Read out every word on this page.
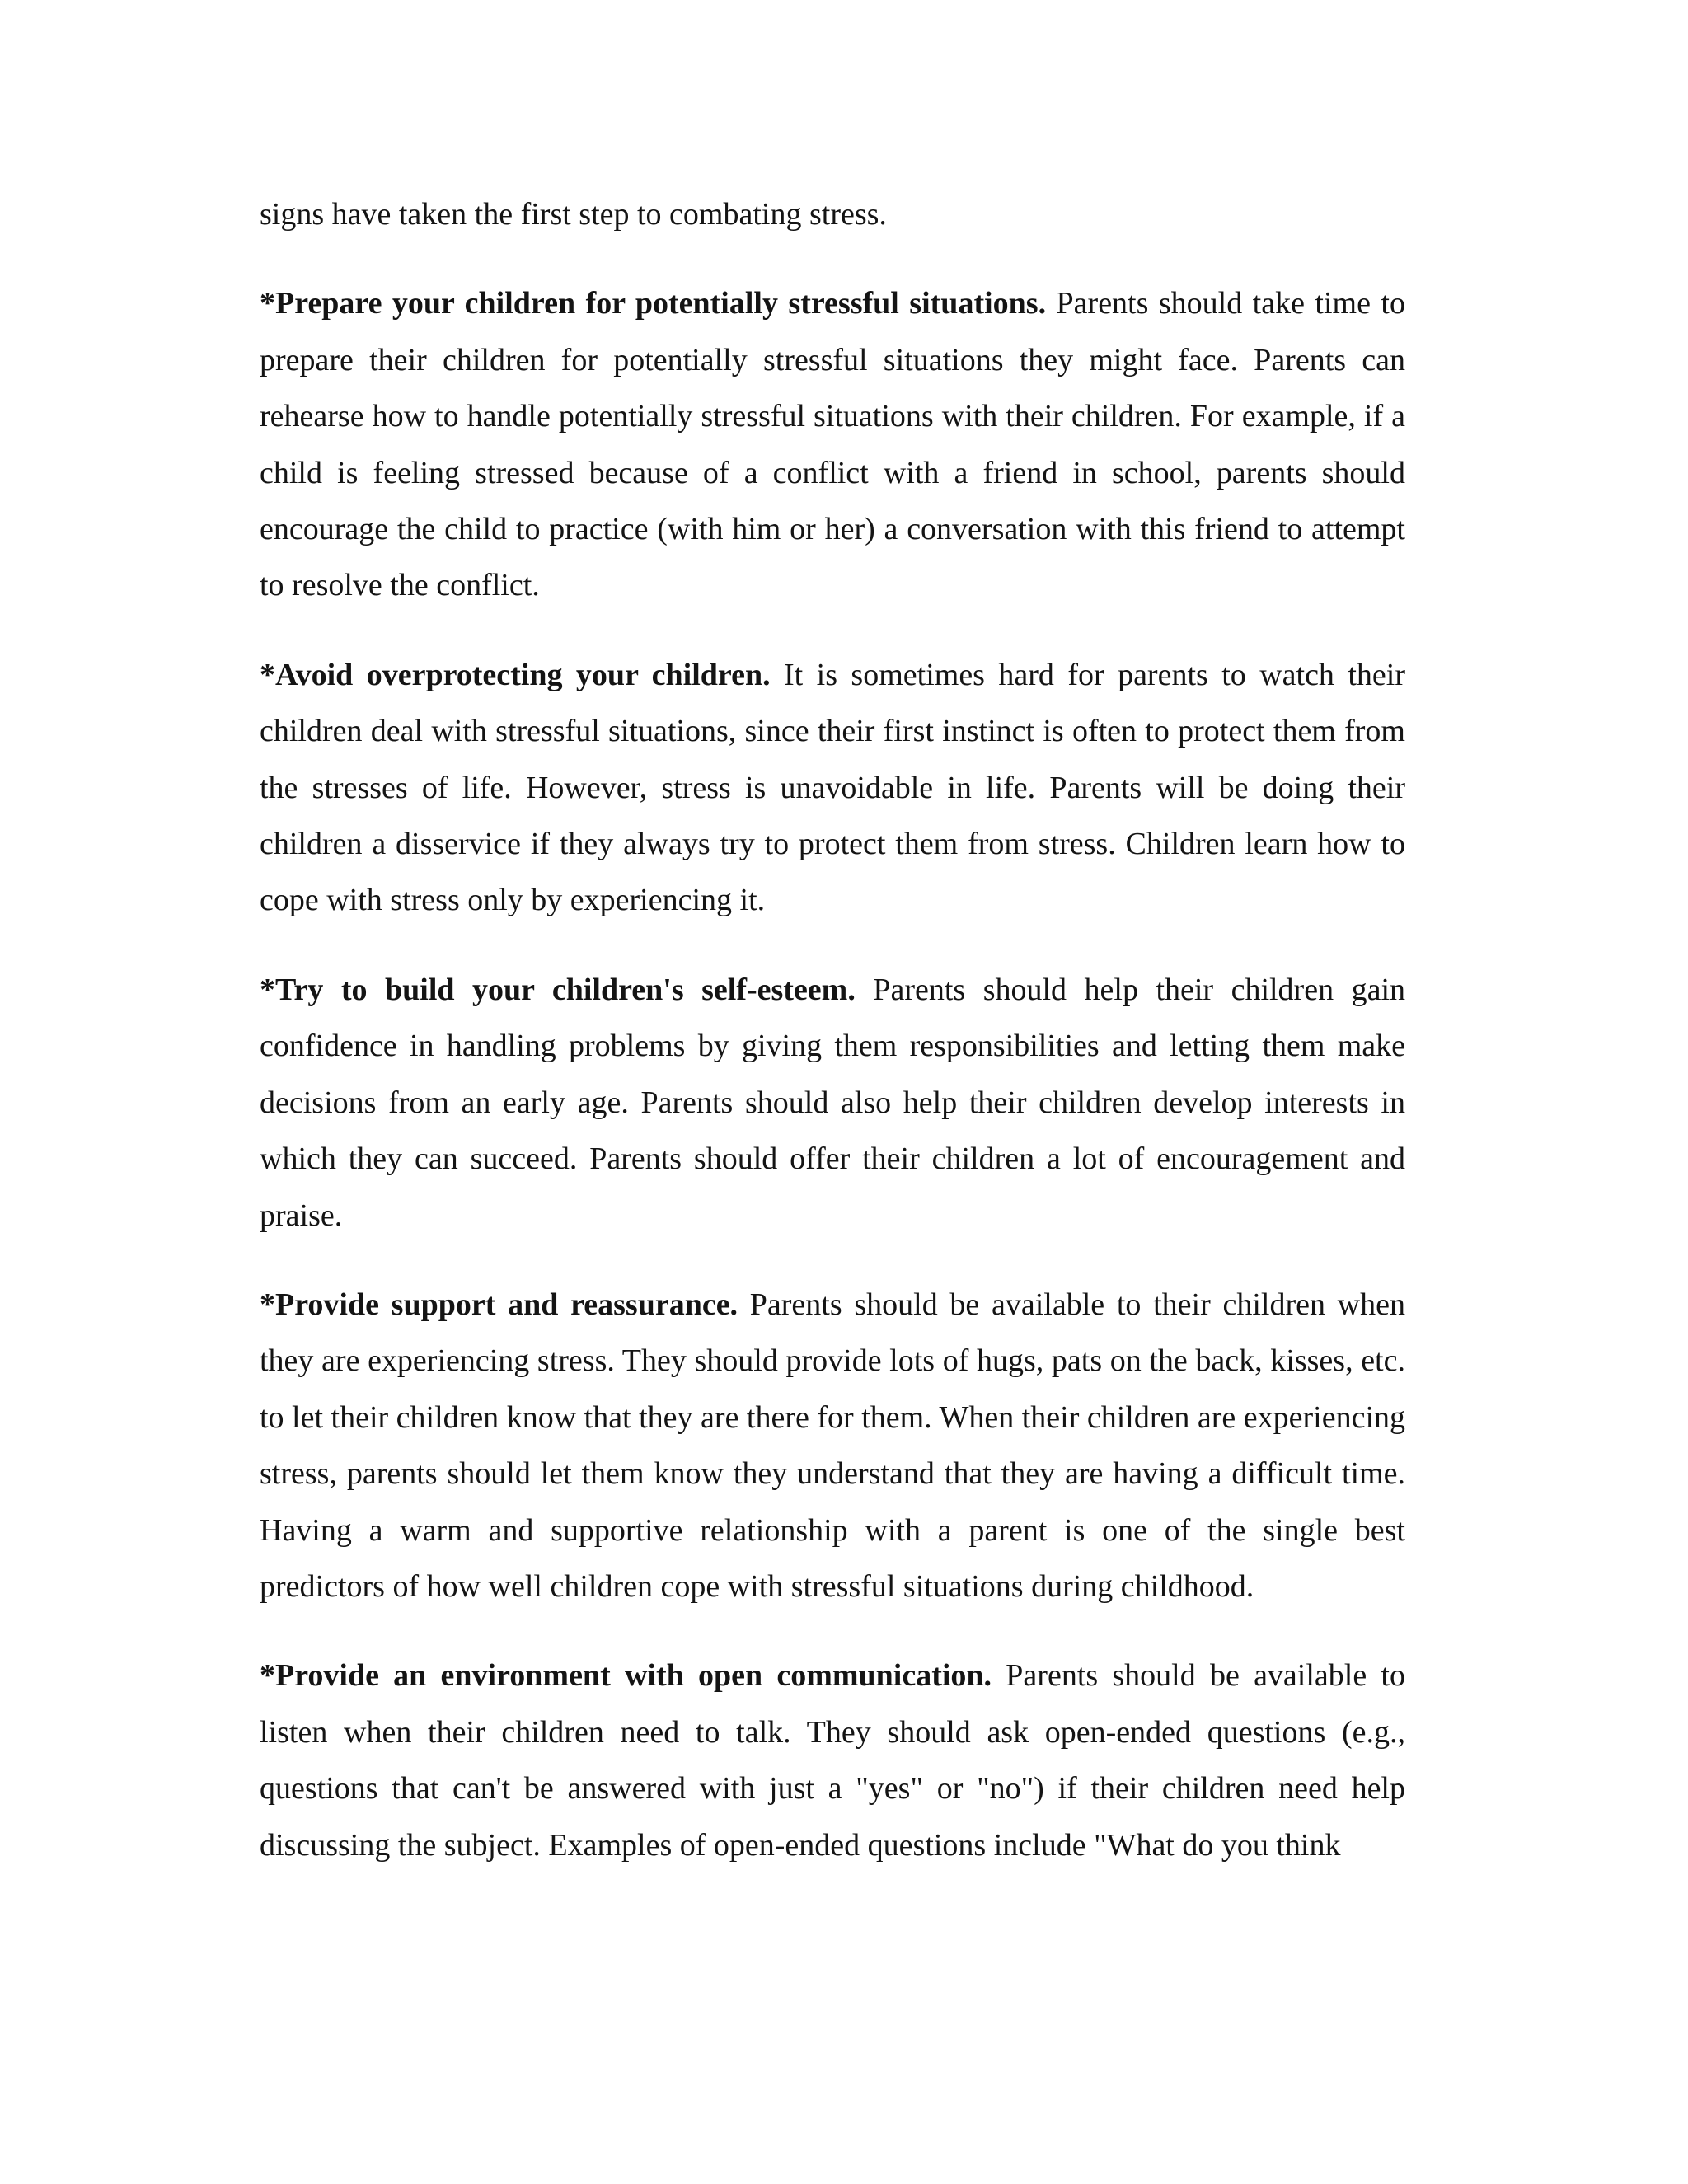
signs have taken the first step to combating stress.

*Prepare your children for potentially stressful situations. Parents should take time to prepare their children for potentially stressful situations they might face. Parents can rehearse how to handle potentially stressful situations with their children. For example, if a child is feeling stressed because of a conflict with a friend in school, parents should encourage the child to practice (with him or her) a conversation with this friend to attempt to resolve the conflict.

*Avoid overprotecting your children. It is sometimes hard for parents to watch their children deal with stressful situations, since their first instinct is often to protect them from the stresses of life. However, stress is unavoidable in life. Parents will be doing their children a disservice if they always try to protect them from stress. Children learn how to cope with stress only by experiencing it.

*Try to build your children's self-esteem. Parents should help their children gain confidence in handling problems by giving them responsibilities and letting them make decisions from an early age. Parents should also help their children develop interests in which they can succeed. Parents should offer their children a lot of encouragement and praise.

*Provide support and reassurance. Parents should be available to their children when they are experiencing stress. They should provide lots of hugs, pats on the back, kisses, etc. to let their children know that they are there for them. When their children are experiencing stress, parents should let them know they understand that they are having a difficult time. Having a warm and supportive relationship with a parent is one of the single best predictors of how well children cope with stressful situations during childhood.

*Provide an environment with open communication. Parents should be available to listen when their children need to talk. They should ask open-ended questions (e.g., questions that can't be answered with just a "yes" or "no") if their children need help discussing the subject. Examples of open-ended questions include "What do you think
